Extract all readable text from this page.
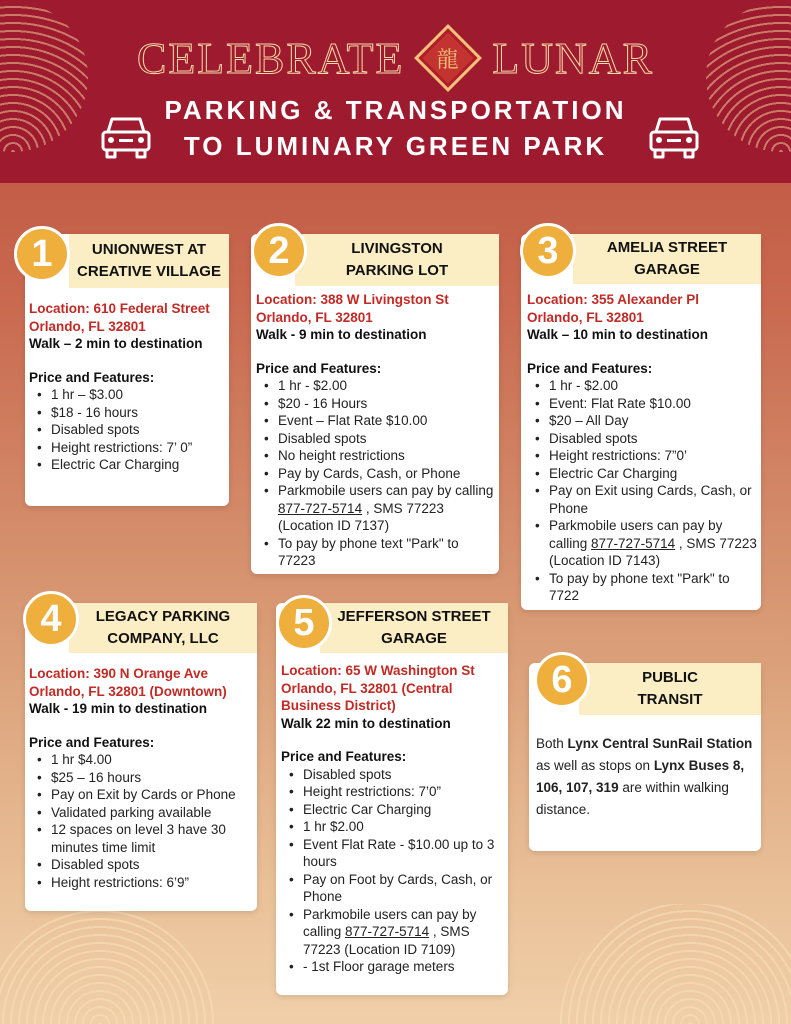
CELEBRATE 龍 LUNAR
PARKING & TRANSPORTATION
TO LUMINARY GREEN PARK
UNIONWEST AT
CREATIVE VILLAGE
Location: 610 Federal Street
Orlando, FL 32801
Walk – 2 min to destination
Price and Features:
• 1 hr – $3.00
• $18 - 16 hours
• Disabled spots
• Height restrictions: 7’ 0”
• Electric Car Charging
1	LIVINGSTON
PARKING LOT
Location: 388 W Livingston St
Orlando, FL 32801
Walk - 9 min to destination
Price and Features:
• 1 hr - $2.00
• $20 - 16 Hours
• Event – Flat Rate $10.00
• Disabled spots
• No height restrictions
• Pay by Cards, Cash, or Phone
• Parkmobile users can pay by calling 877-727-5714 , SMS 77223 (Location ID 7137)
• To pay by phone text "Park" to 77223
2	AMELIA STREET
GARAGE
Location: 355 Alexander Pl
Orlando, FL 32801
Walk – 10 min to destination
Price and Features:
• 1 hr - $2.00
• Event: Flat Rate $10.00
• $20 – All Day
• Disabled spots
• Height restrictions: 7”0’
• Electric Car Charging
• Pay on Exit using Cards, Cash, or Phone
• Parkmobile users can pay by calling 877-727-5714 , SMS 77223 (Location ID 7143)
• To pay by phone text "Park" to 7722
3
LEGACY PARKING
COMPANY, LLC
Location: 390 N Orange Ave
Orlando, FL 32801 (Downtown)
Walk - 19 min to destination
Price and Features:
• 1 hr $4.00
• $25 – 16 hours
• Pay on Exit by Cards or Phone
• Validated parking available
• 12 spaces on level 3 have 30 minutes time limit
• Disabled spots
• Height restrictions: 6’9”
4	JEFFERSON STREET
GARAGE
Location: 65 W Washington St
Orlando, FL 32801 (Central Business District)
Walk 22 min to destination
Price and Features:
• Disabled spots
• Height restrictions: 7’0”
• Electric Car Charging
• 1 hr $2.00
• Event Flat Rate - $10.00 up to 3 hours
• Pay on Foot by Cards, Cash, or Phone
• Parkmobile users can pay by calling 877-727-5714 , SMS 77223 (Location ID 7109)
• - 1st Floor garage meters
5
PUBLIC
TRANSIT
Both Lynx Central SunRail Station as well as stops on Lynx Buses 8, 106, 107, 319 are within walking distance.
6
